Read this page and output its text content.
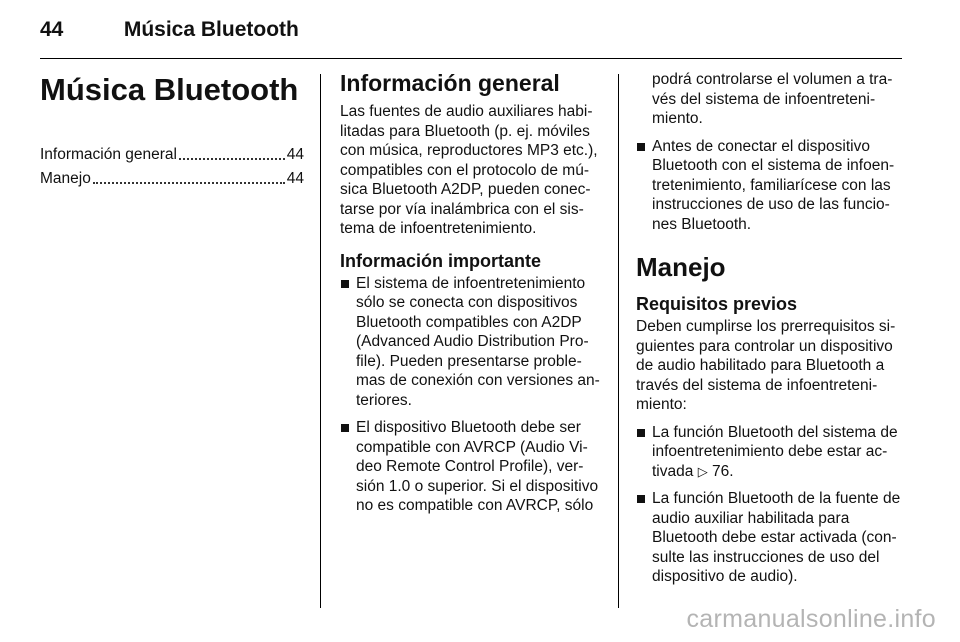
44	Música Bluetooth
Música Bluetooth
Información general	44
Manejo	44
Información general

Las fuentes de audio auxiliares habilitadas para Bluetooth (p. ej. móviles con música, reproductores MP3 etc.), compatibles con el protocolo de música Bluetooth A2DP, pueden conectarse por vía inalámbrica con el sistema de infoentretenimiento.

Información importante
El sistema de infoentretenimiento sólo se conecta con dispositivos Bluetooth compatibles con A2DP (Advanced Audio Distribution Profile). Pueden presentarse problemas de conexión con versiones anteriores.
El dispositivo Bluetooth debe ser compatible con AVRCP (Audio Video Remote Control Profile), versión 1.0 o superior. Si el dispositivo no es compatible con AVRCP, sólo

podrá controlarse el volumen a través del sistema de infoentretenimiento.

Antes de conectar el dispositivo Bluetooth con el sistema de infoentretenimiento, familiarícese con las instrucciones de uso de las funciones Bluetooth.
Manejo
Requisitos previos

Deben cumplirse los prerrequisitos siguientes para controlar un dispositivo de audio habilitado para Bluetooth a través del sistema de infoentretenimiento:

La función Bluetooth del sistema de infoentretenimiento debe estar activada ▷ 76.
La función Bluetooth de la fuente de audio auxiliar habilitada para Bluetooth debe estar activada (consulte las instrucciones de uso del dispositivo de audio).
carmanualsonline.info
